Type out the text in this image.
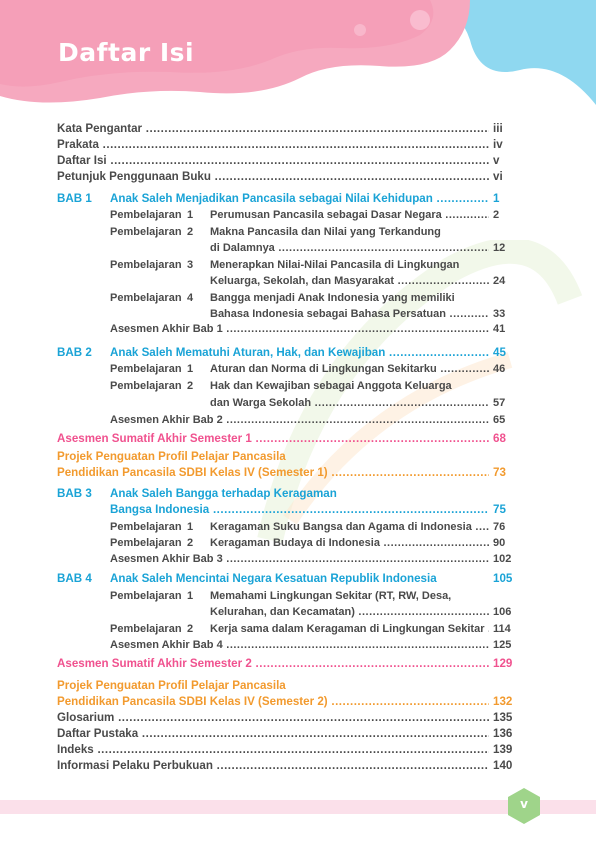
Daftar Isi
Kata Pengantar .....	iii
Prakata .....	iv
Daftar Isi .....	v
Petunjuk Penggunaan Buku .....	vi
BAB 1 Anak Saleh Menjadikan Pancasila sebagai Nilai Kehidupan .....	1
Pembelajaran 1 Perumusan Pancasila sebagai Dasar Negara .....	2
Pembelajaran 2 Makna Pancasila dan Nilai yang Terkandung
di Dalamnya .....	12
Pembelajaran 3 Menerapkan Nilai-Nilai Pancasila di Lingkungan
Keluarga, Sekolah, dan Masyarakat .....	24
Pembelajaran 4 Bangga menjadi Anak Indonesia yang memiliki
Bahasa Indonesia sebagai Bahasa Persatuan .....	33
Asesmen Akhir Bab 1 .....	41
BAB 2 Anak Saleh Mematuhi Aturan, Hak, dan Kewajiban .....	45
Pembelajaran 1 Aturan dan Norma di Lingkungan Sekitarku .....	46
Pembelajaran 2 Hak dan Kewajiban sebagai Anggota Keluarga
dan Warga Sekolah .....	57
Asesmen Akhir Bab 2 .....	65
Asesmen Sumatif Akhir Semester 1 .....	68
Projek Penguatan Profil Pelajar Pancasila
Pendidikan Pancasila SDBI Kelas IV (Semester 1) .....	73
BAB 3 Anak Saleh Bangga terhadap Keragaman
Bangsa Indonesia .....	75
Pembelajaran 1 Keragaman Suku Bangsa dan Agama di Indonesia .....	76
Pembelajaran 2 Keragaman Budaya di Indonesia .....	90
Asesmen Akhir Bab 3 .....	102
BAB 4 Anak Saleh Mencintai Negara Kesatuan Republik Indonesia	105
Pembelajaran 1 Memahami Lingkungan Sekitar (RT, RW, Desa,
Kelurahan, dan Kecamatan) .....	106
Pembelajaran 2 Kerja sama dalam Keragaman di Lingkungan Sekitar ..... 114
Asesmen Akhir Bab 4 .....	125
Asesmen Sumatif Akhir Semester 2 .....	129
Projek Penguatan Profil Pelajar Pancasila
Pendidikan Pancasila SDBI Kelas IV (Semester 2) .....	132
Glosarium .....	135
Daftar Pustaka .....	136
Indeks .....	139
Informasi Pelaku Perbukuan .....	140
v
